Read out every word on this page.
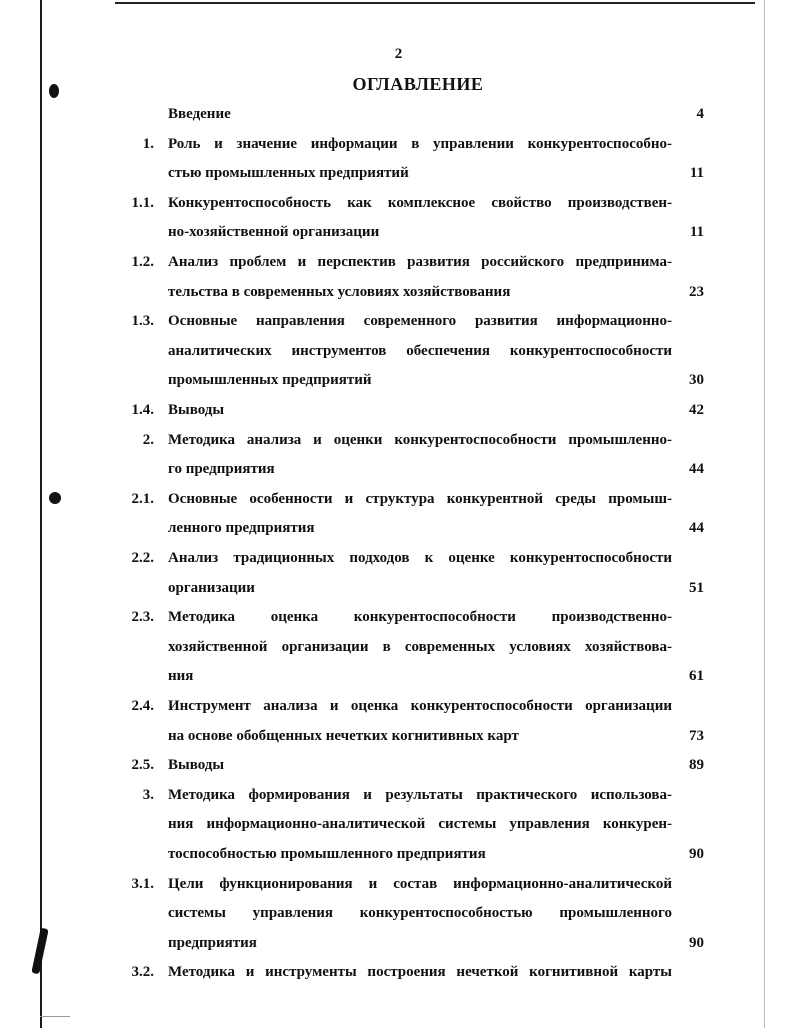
2
ОГЛАВЛЕНИЕ
Введение	4
1. Роль и значение информации в управлении конкурентоспособно-
стью промышленных предприятий	11
1.1. Конкурентоспособность как комплексное свойство производствен-
но-хозяйственной организации	11
1.2. Анализ проблем и перспектив развития российского предпринима-
тельства в современных условиях хозяйствования	23
1.3. Основные направления современного развития информационно-
аналитических инструментов обеспечения конкурентоспособности
промышленных предприятий	30
1.4. Выводы	42
2. Методика анализа и оценки конкурентоспособности промышленно-
го предприятия	44
2.1. Основные особенности и структура конкурентной среды промыш-
ленного предприятия	44
2.2. Анализ традиционных подходов к оценке конкурентоспособности
организации	51
2.3. Методика оценка конкурентоспособности производственно-
хозяйственной организации в современных условиях хозяйствова-
ния	61
2.4. Инструмент анализа и оценка конкурентоспособности организации
на основе обобщенных нечетких когнитивных карт	73
2.5. Выводы	89
3. Методика формирования и результаты практического использова-
ния информационно-аналитической системы управления конкурен-
тоспособностью промышленного предприятия	90
3.1. Цели функционирования и состав информационно-аналитической
системы управления конкурентоспособностью промышленного
предприятия	90
3.2. Методика и инструменты построения нечеткой когнитивной карты
